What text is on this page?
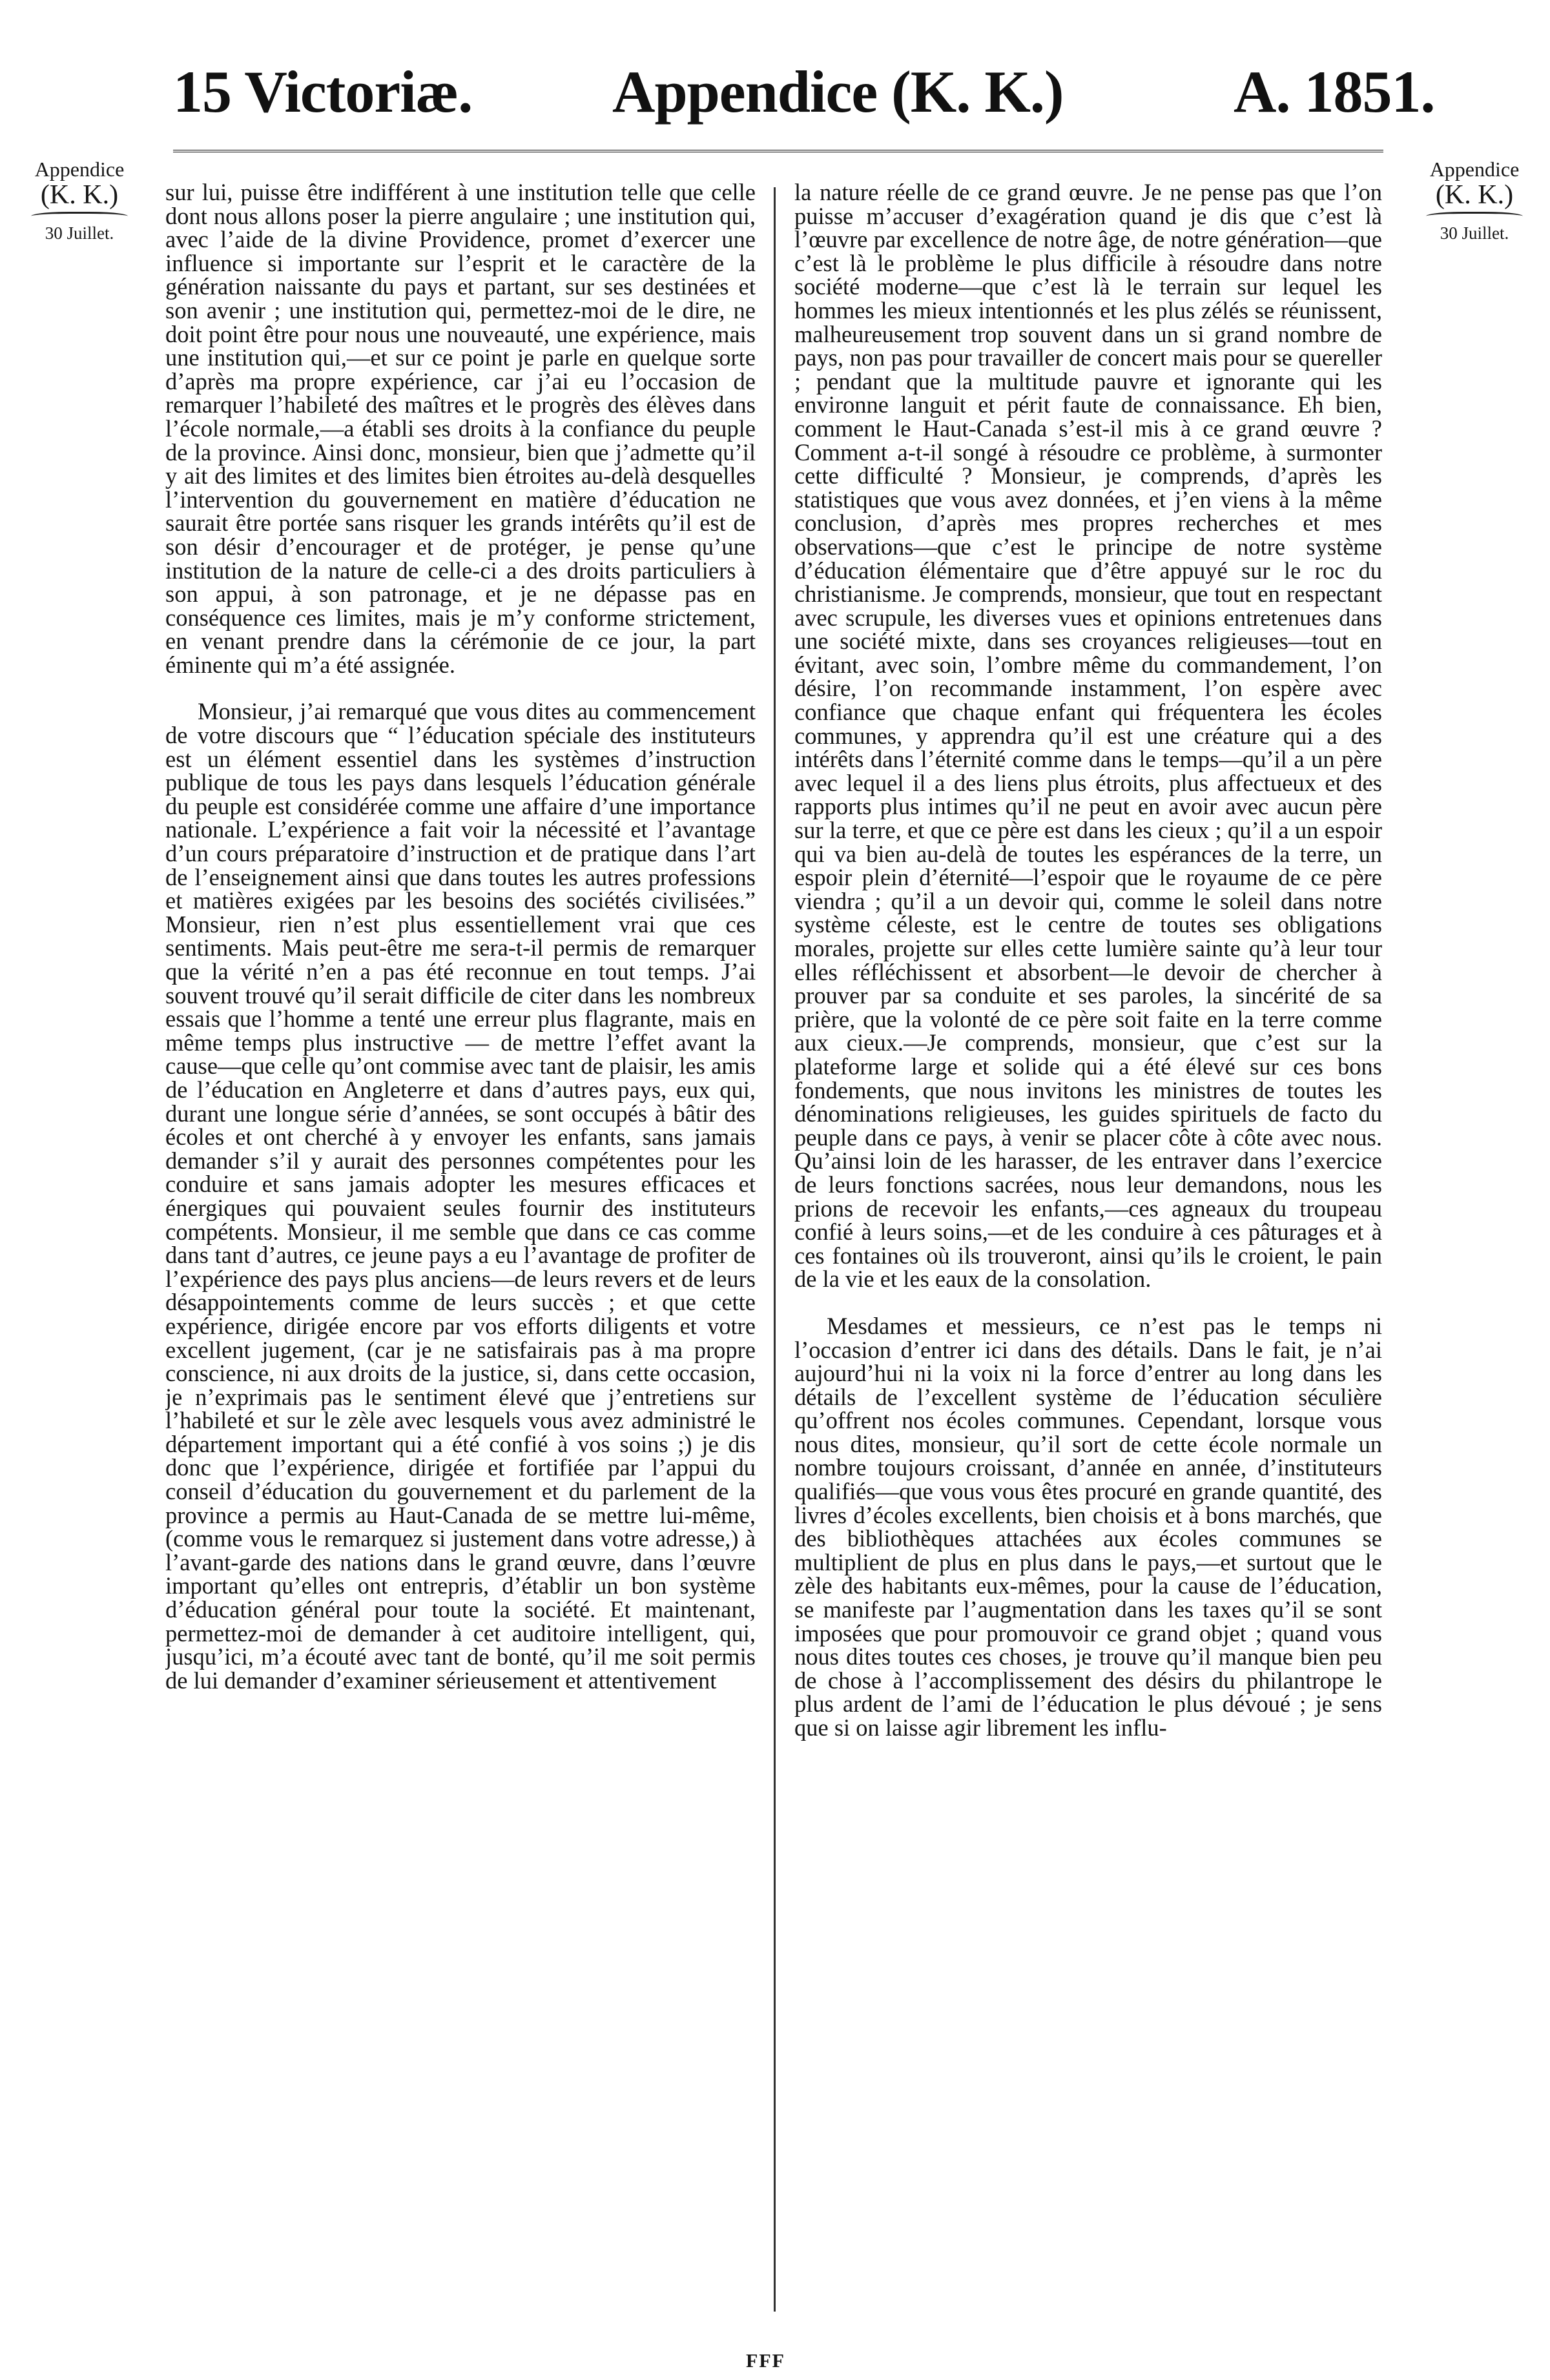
15 Victoriæ. Appendice (K. K.)	A. 1851.
Appendice
(K. K.)
30 Juillet.
Appendice
(K. K.)
30 Juillet.

sur lui, puisse être indifférent à une institution telle que celle dont nous allons poser la pierre angulaire ; une institution qui, avec l’aide de la divine Providence, promet d’exercer une influence si importante sur l’esprit et le caractère de la génération naissante du pays et partant, sur ses destinées et son avenir ; une institution qui, permettez-moi de le dire, ne doit point être pour nous une nouveauté, une expérience, mais une institution qui,—et sur ce point je parle en quelque sorte d’après ma propre expérience, car j’ai eu l’occasion de remarquer l’habileté des maîtres et le progrès des élèves dans l’école normale,—a établi ses droits à la confiance du peuple de la province. Ainsi donc, monsieur, bien que j’admette qu’il y ait des limites et des limites bien étroites au-delà desquelles l’intervention du gouvernement en matière d’éducation ne saurait être portée sans risquer les grands intérêts qu’il est de son désir d’encourager et de protéger, je pense qu’une institution de la nature de celle-ci a des droits particuliers à son appui, à son patronage, et je ne dépasse pas en conséquence ces limites, mais je m’y conforme strictement, en venant prendre dans la cérémonie de ce jour, la part éminente qui m’a été assignée.

Monsieur, j’ai remarqué que vous dites au commencement de votre discours que “ l’éducation spéciale des instituteurs est un élément essentiel dans les systèmes d’instruction publique de tous les pays dans lesquels l’éducation générale du peuple est considérée comme une affaire d’une importance nationale. L’expérience a fait voir la nécessité et l’avantage d’un cours préparatoire d’instruction et de pratique dans l’art de l’enseignement ainsi que dans toutes les autres professions et matières exigées par les besoins des sociétés civilisées.” Monsieur, rien n’est plus essentiellement vrai que ces sentiments. Mais peut-être me sera-t-il permis de remarquer que la vérité n’en a pas été reconnue en tout temps. J’ai souvent trouvé qu’il serait difficile de citer dans les nombreux essais que l’homme a tenté une erreur plus flagrante, mais en même temps plus instructive — de mettre l’effet avant la cause—que celle qu’ont commise avec tant de plaisir, les amis de l’éducation en Angleterre et dans d’autres pays, eux qui, durant une longue série d’années, se sont occupés à bâtir des écoles et ont cherché à y envoyer les enfants, sans jamais demander s’il y aurait des personnes compétentes pour les conduire et sans jamais adopter les mesures efficaces et énergiques qui pouvaient seules fournir des instituteurs compétents. Monsieur, il me semble que dans ce cas comme dans tant d’autres, ce jeune pays a eu l’avantage de profiter de l’expérience des pays plus anciens—de leurs revers et de leurs désappointements comme de leurs succès ; et que cette expérience, dirigée encore par vos efforts diligents et votre excellent jugement, (car je ne satisfairais pas à ma propre conscience, ni aux droits de la justice, si, dans cette occasion, je n’exprimais pas le sentiment élevé que j’entretiens sur l’habileté et sur le zèle avec lesquels vous avez administré le département important qui a été confié à vos soins ;) je dis donc que l’expérience, dirigée et fortifiée par l’appui du conseil d’éducation du gouvernement et du parlement de la province a permis au Haut-Canada de se mettre lui-même, (comme vous le remarquez si justement dans votre adresse,) à l’avant-garde des nations dans le grand œuvre, dans l’œuvre important qu’elles ont entrepris, d’établir un bon système d’éducation général pour toute la société. Et maintenant, permettez-moi de demander à cet auditoire intelligent, qui, jusqu’ici, m’a écouté avec tant de bonté, qu’il me soit permis de lui demander d’examiner sérieusement et attentivement

la nature réelle de ce grand œuvre. Je ne pense pas que l’on puisse m’accuser d’exagération quand je dis que c’est là l’œuvre par excellence de notre âge, de notre génération—que c’est là le problème le plus difficile à résoudre dans notre société moderne—que c’est là le terrain sur lequel les hommes les mieux intentionnés et les plus zélés se réunissent, malheureusement trop souvent dans un si grand nombre de pays, non pas pour travailler de concert mais pour se quereller ; pendant que la multitude pauvre et ignorante qui les environne languit et périt faute de connaissance. Eh bien, comment le Haut-Canada s’est-il mis à ce grand œuvre ? Comment a-t-il songé à résoudre ce problème, à surmonter cette difficulté ? Monsieur, je comprends, d’après les statistiques que vous avez données, et j’en viens à la même conclusion, d’après mes propres recherches et mes observations—que c’est le principe de notre système d’éducation élémentaire que d’être appuyé sur le roc du christianisme. Je comprends, monsieur, que tout en respectant avec scrupule, les diverses vues et opinions entretenues dans une société mixte, dans ses croyances religieuses—tout en évitant, avec soin, l’ombre même du commandement, l’on désire, l’on recommande instamment, l’on espère avec confiance que chaque enfant qui fréquentera les écoles communes, y apprendra qu’il est une créature qui a des intérêts dans l’éternité comme dans le temps—qu’il a un père avec lequel il a des liens plus étroits, plus affectueux et des rapports plus intimes qu’il ne peut en avoir avec aucun père sur la terre, et que ce père est dans les cieux ; qu’il a un espoir qui va bien au-delà de toutes les espérances de la terre, un espoir plein d’éternité—l’espoir que le royaume de ce père viendra ; qu’il a un devoir qui, comme le soleil dans notre système céleste, est le centre de toutes ses obligations morales, projette sur elles cette lumière sainte qu’à leur tour elles réfléchissent et absorbent—le devoir de chercher à prouver par sa conduite et ses paroles, la sincérité de sa prière, que la volonté de ce père soit faite en la terre comme aux cieux.—Je comprends, monsieur, que c’est sur la plateforme large et solide qui a été élevé sur ces bons fondements, que nous invitons les ministres de toutes les dénominations religieuses, les guides spirituels de facto du peuple dans ce pays, à venir se placer côte à côte avec nous. Qu’ainsi loin de les harasser, de les entraver dans l’exercice de leurs fonctions sacrées, nous leur demandons, nous les prions de recevoir les enfants,—ces agneaux du troupeau confié à leurs soins,—et de les conduire à ces pâturages et à ces fontaines où ils trouveront, ainsi qu’ils le croient, le pain de la vie et les eaux de la consolation.

Mesdames et messieurs, ce n’est pas le temps ni l’occasion d’entrer ici dans des détails. Dans le fait, je n’ai aujourd’hui ni la voix ni la force d’entrer au long dans les détails de l’excellent système de l’éducation séculière qu’offrent nos écoles communes. Cependant, lorsque vous nous dites, monsieur, qu’il sort de cette école normale un nombre toujours croissant, d’année en année, d’instituteurs qualifiés—que vous vous êtes procuré en grande quantité, des livres d’écoles excellents, bien choisis et à bons marchés, que des bibliothèques attachées aux écoles communes se multiplient de plus en plus dans le pays,—et surtout que le zèle des habitants eux-mêmes, pour la cause de l’éducation, se manifeste par l’augmentation dans les taxes qu’il se sont imposées que pour promouvoir ce grand objet ; quand vous nous dites toutes ces choses, je trouve qu’il manque bien peu de chose à l’accomplissement des désirs du philantrope le plus ardent de l’ami de l’éducation le plus dévoué ; je sens que si on laisse agir librement les influ-

FFF
